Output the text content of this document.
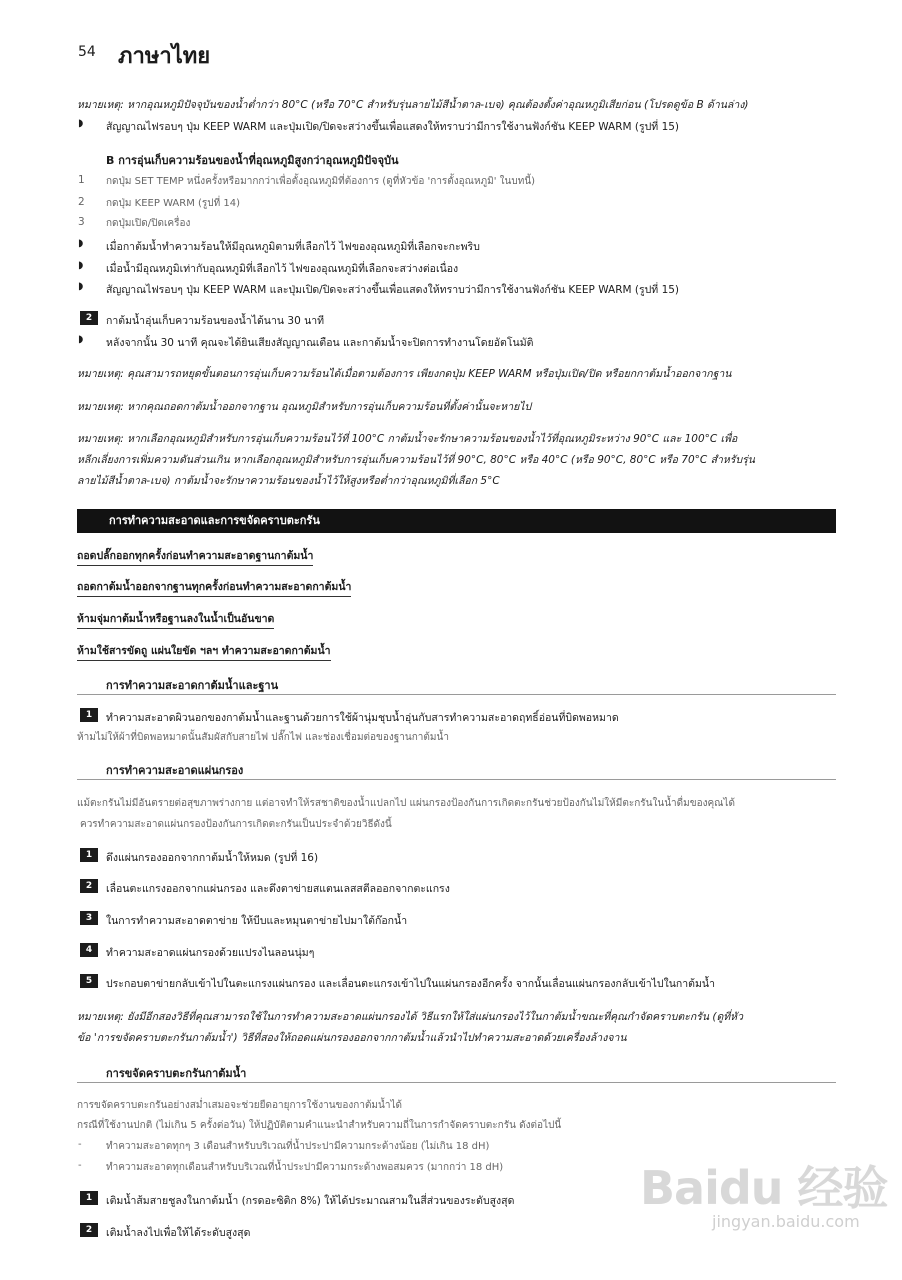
54 ภาษาไทย
หมายเหตุ: หากอุณหภูมิปัจจุบันของน้ำต่ำกว่า 80°C (หรือ 70°C สำหรับรุ่นลายไม้สีน้ำตาล-เบจ) คุณต้องตั้งค่าอุณหภูมิเสียก่อน (โปรดดูข้อ B ด้านล่าง)
◗ สัญญาณไฟรอบๆ ปุ่ม KEEP WARM และปุ่มเปิด/ปิดจะสว่างขึ้นเพื่อแสดงให้ทราบว่ามีการใช้งานฟังก์ชัน KEEP WARM (รูปที่ 15)
B การอุ่นเก็บความร้อนของน้ำที่อุณหภูมิสูงกว่าอุณหภูมิปัจจุบัน
1 กดปุ่ม SET TEMP หนึ่งครั้งหรือมากกว่าเพื่อตั้งอุณหภูมิที่ต้องการ (ดูที่หัวข้อ 'การตั้งอุณหภูมิ' ในบทนี้)
2 กดปุ่ม KEEP WARM (รูปที่ 14)
3 กดปุ่มเปิด/ปิดเครื่อง
◗ เมื่อกาต้มน้ำทำความร้อนให้มีอุณหภูมิตามที่เลือกไว้ ไฟของอุณหภูมิที่เลือกจะกะพริบ
◗ เมื่อน้ำมีอุณหภูมิเท่ากับอุณหภูมิที่เลือกไว้ ไฟของอุณหภูมิที่เลือกจะสว่างต่อเนื่อง
◗ สัญญาณไฟรอบๆ ปุ่ม KEEP WARM และปุ่มเปิด/ปิดจะสว่างขึ้นเพื่อแสดงให้ทราบว่ามีการใช้งานฟังก์ชัน KEEP WARM (รูปที่ 15)
2	กาต้มน้ำอุ่นเก็บความร้อนของน้ำได้นาน 30 นาที
◗ หลังจากนั้น 30 นาที คุณจะได้ยินเสียงสัญญาณเตือน และกาต้มน้ำจะปิดการทำงานโดยอัตโนมัติ
หมายเหตุ: คุณสามารถหยุดขั้นตอนการอุ่นเก็บความร้อนได้เมื่อตามต้องการ เพียงกดปุ่ม KEEP WARM หรือปุ่มเปิด/ปิด หรือยกกาต้มน้ำออกจากฐาน
หมายเหตุ: หากคุณถอดกาต้มน้ำออกจากฐาน อุณหภูมิสำหรับการอุ่นเก็บความร้อนที่ตั้งค่านั้นจะหายไป
หมายเหตุ: หากเลือกอุณหภูมิสำหรับการอุ่นเก็บความร้อนไว้ที่ 100°C กาต้มน้ำจะรักษาความร้อนของน้ำไว้ที่อุณหภูมิระหว่าง 90°C และ 100°C เพื่อ
หลีกเลี่ยงการเพิ่มความดันส่วนเกิน หากเลือกอุณหภูมิสำหรับการอุ่นเก็บความร้อนไว้ที่ 90°C, 80°C หรือ 40°C (หรือ 90°C, 80°C หรือ 70°C สำหรับรุ่น
ลายไม้สีน้ำตาล-เบจ) กาต้มน้ำจะรักษาความร้อนของน้ำไว้ให้สูงหรือต่ำกว่าอุณหภูมิที่เลือก 5°C
การทำความสะอาดและการขจัดคราบตะกรัน
ถอดปลั๊กออกทุกครั้งก่อนทำความสะอาดฐานกาต้มน้ำ
ถอดกาต้มน้ำออกจากฐานทุกครั้งก่อนทำความสะอาดกาต้มน้ำ
ห้ามจุ่มกาต้มน้ำหรือฐานลงในน้ำเป็นอันขาด
ห้ามใช้สารขัดถู แผ่นใยขัด ฯลฯ ทำความสะอาดกาต้มน้ำ
การทำความสะอาดกาต้มน้ำและฐาน
1	ทำความสะอาดผิวนอกของกาต้มน้ำและฐานด้วยการใช้ผ้านุ่มชุบน้ำอุ่นกับสารทำความสะอาดฤทธิ์อ่อนที่บิดพอหมาด
ห้ามไม่ให้ผ้าที่บิดพอหมาดนั้นสัมผัสกับสายไฟ ปลั๊กไฟ และช่องเชื่อมต่อของฐานกาต้มน้ำ
การทำความสะอาดแผ่นกรอง
แม้ตะกรันไม่มีอันตรายต่อสุขภาพร่างกาย แต่อาจทำให้รสชาติของน้ำแปลกไป แผ่นกรองป้องกันการเกิดตะกรันช่วยป้องกันไม่ให้มีตะกรันในน้ำดื่มของคุณได้
ควรทำความสะอาดแผ่นกรองป้องกันการเกิดตะกรันเป็นประจำด้วยวิธีดังนี้
1	ดึงแผ่นกรองออกจากกาต้มน้ำให้หมด (รูปที่ 16)
2	เลื่อนตะแกรงออกจากแผ่นกรอง และดึงตาข่ายสแตนเลสสตีลออกจากตะแกรง
3	ในการทำความสะอาดตาข่าย ให้บีบและหมุนตาข่ายไปมาใต้ก๊อกน้ำ
4	ทำความสะอาดแผ่นกรองด้วยแปรงไนลอนนุ่มๆ
5	ประกอบตาข่ายกลับเข้าไปในตะแกรงแผ่นกรอง และเลื่อนตะแกรงเข้าไปในแผ่นกรองอีกครั้ง จากนั้นเลื่อนแผ่นกรองกลับเข้าไปในกาต้มน้ำ
หมายเหตุ: ยังมีอีกสองวิธีที่คุณสามารถใช้ในการทำความสะอาดแผ่นกรองได้ วิธีแรกให้ใส่แผ่นกรองไว้ในกาต้มน้ำขณะที่คุณกำจัดคราบตะกรัน (ดูที่หัว
ข้อ 'การขจัดคราบตะกรันกาต้มน้ำ') วิธีที่สองให้ถอดแผ่นกรองออกจากกาต้มน้ำแล้วนำไปทำความสะอาดด้วยเครื่องล้างจาน
การขจัดคราบตะกรันกาต้มน้ำ
การขจัดคราบตะกรันอย่างสม่ำเสมอจะช่วยยืดอายุการใช้งานของกาต้มน้ำได้
กรณีที่ใช้งานปกติ (ไม่เกิน 5 ครั้งต่อวัน) ให้ปฏิบัติตามคำแนะนำสำหรับความถี่ในการกำจัดคราบตะกรัน ดังต่อไปนี้
- ทำความสะอาดทุกๆ 3 เดือนสำหรับบริเวณที่น้ำประปามีความกระด้างน้อย (ไม่เกิน 18 dH)
- ทำความสะอาดทุกเดือนสำหรับบริเวณที่น้ำประปามีความกระด้างพอสมควร (มากกว่า 18 dH)
1	เติมน้ำส้มสายชูลงในกาต้มน้ำ (กรดอะซิติก 8%) ให้ได้ประมาณสามในสี่ส่วนของระดับสูงสุด
2	เติมน้ำลงไปเพื่อให้ได้ระดับสูงสุด
Baidu 经验
jingyan.baidu.com
